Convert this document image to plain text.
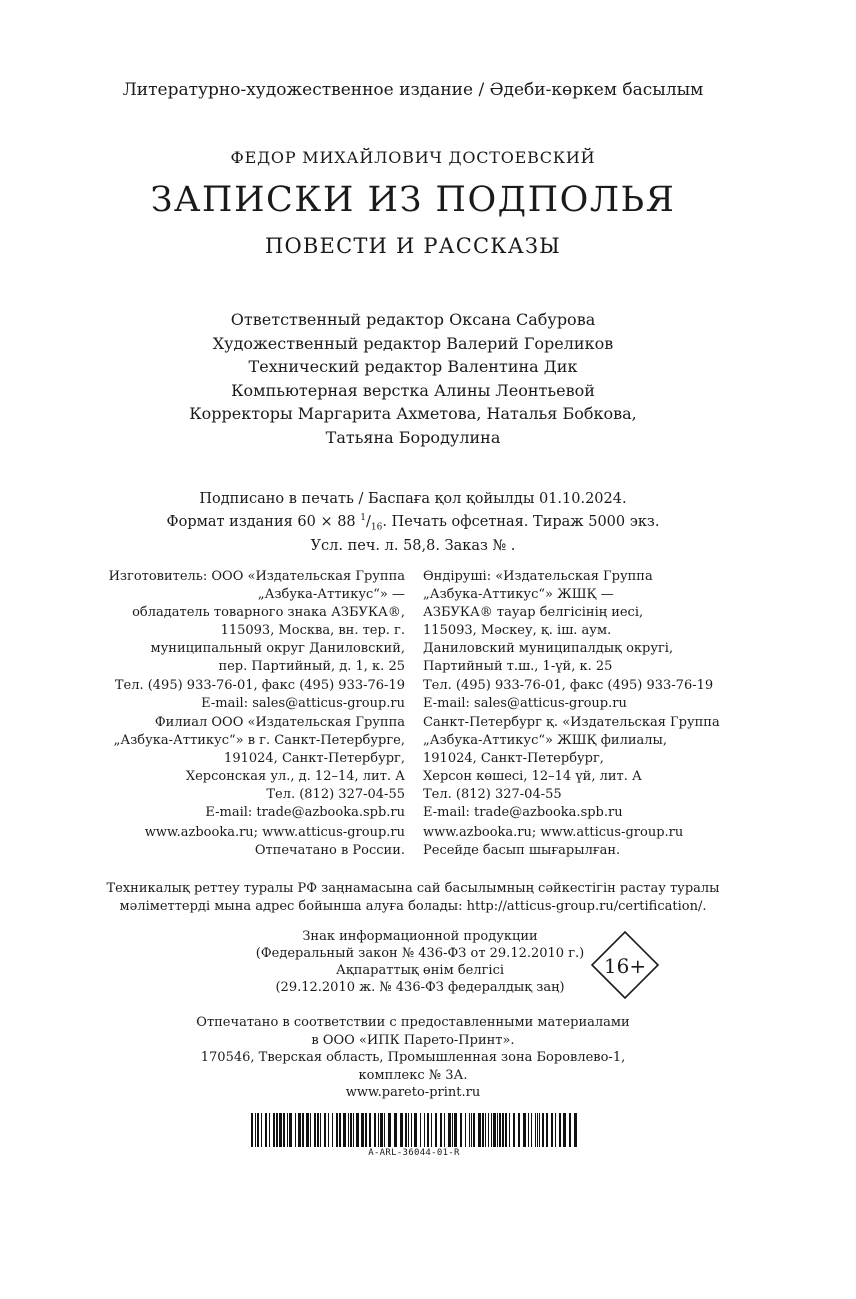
Литературно-художественное издание / Әдеби-көркем басылым
ФЕДОР МИХАЙЛОВИЧ ДОСТОЕВСКИЙ
ЗАПИСКИ ИЗ ПОДПОЛЬЯ
ПОВЕСТИ И РАССКАЗЫ
Ответственный редактор Оксана Сабурова
Художественный редактор Валерий Гореликов
Технический редактор Валентина Дик
Компьютерная верстка Алины Леонтьевой
Корректоры Маргарита Ахметова, Наталья Бобкова,
Татьяна Бородулина
Подписано в печать / Баспаға қол қойылды 01.10.2024.
Формат издания 60 × 88 $^1/_{16}$. Печать офсетная. Тираж 5000 экз.
Усл. печ. л. 58,8. Заказ № .
Изготовитель: ООО «Издательская Группа
„Азбука-Аттикус“» —
обладатель товарного знака АЗБУКА®,
115093, Москва, вн. тер. г.
муниципальный округ Даниловский,
пер. Партийный, д. 1, к. 25
Тел. (495) 933-76-01, факс (495) 933-76-19
E-mail: sales@atticus-group.ru
Филиал ООО «Издательская Группа
„Азбука-Аттикус“» в г. Санкт-Петербурге,
191024, Санкт-Петербург,
Херсонская ул., д. 12–14, лит. А
Тел. (812) 327-04-55
E-mail: trade@azbooka.spb.ru
www.azbooka.ru; www.atticus-group.ru
Отпечатано в России.
Өндіруші: «Издательская Группа
„Азбука-Аттикус“» ЖШҚ —
АЗБУКА® тауар белгісінің иесі,
115093, Мәскеу, қ. іш. аум.
Даниловский муниципалдық округі,
Партийный т.ш., 1-үй, к. 25
Тел. (495) 933-76-01, факс (495) 933-76-19
E-mail: sales@atticus-group.ru
Санкт-Петербург қ. «Издательская Группа
„Азбука-Аттикус“» ЖШҚ филиалы,
191024, Санкт-Петербург,
Херсон көшесі, 12–14 үй, лит. А
Тел. (812) 327-04-55
E-mail: trade@azbooka.spb.ru
www.azbooka.ru; www.atticus-group.ru
Ресейде басып шығарылған.
Техникалық реттеу туралы РФ заңнамасына сай басылымның сәйкестігін растау туралы
мәліметтерді мына адрес бойынша алуға болады: http://atticus-group.ru/certification/.
Знак информационной продукции
(Федеральный закон № 436-ФЗ от 29.12.2010 г.)
Ақпараттық өнім белгісі
(29.12.2010 ж. № 436-ФЗ федералдық заң)
16+
Отпечатано в соответствии с предоставленными материалами
в ООО «ИПК Парето-Принт».
170546, Тверская область, Промышленная зона Боровлево-1,
комплекс № 3А.
www.pareto-print.ru
A-ARL-36044-01-R
